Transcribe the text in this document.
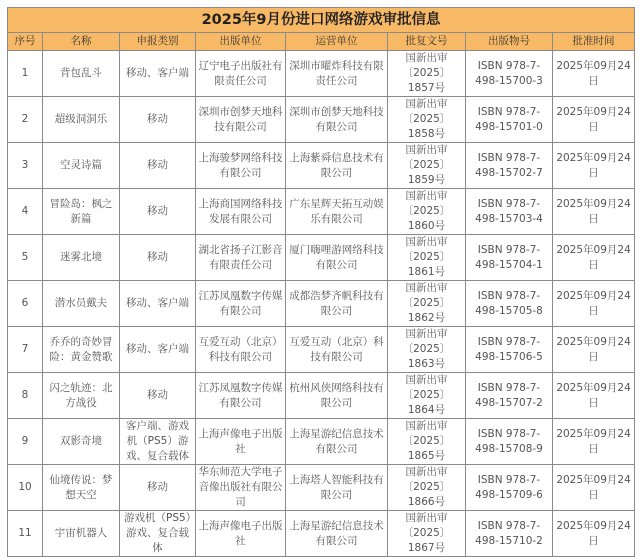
2025年9月份进口网络游戏审批信息							
序号	名称	申报类别	出版单位	运营单位	批复文号	出版物号	批准时间
1	背包乱斗	移动、客户端	辽宁电子出版社有限责任公司	深圳市曜炸科技有限责任公司	国新出审〔2025〕1857号	ISBN 978-7-498-15700-3	2025年09月24日
2	超级洞洞乐	移动	深圳市创梦天地科技有限公司	深圳市创梦天地科技有限公司	国新出审〔2025〕1858号	ISBN 978-7-498-15701-0	2025年09月24日
3	空灵诗篇	移动	上海骏梦网络科技有限公司	上海紫舜信息技术有限公司	国新出审〔2025〕1859号	ISBN 978-7-498-15702-7	2025年09月24日
4	冒险岛：枫之新篇	移动	上海商国网络科技发展有限公司	广东星辉天拓互动娱乐有限公司	国新出审〔2025〕1860号	ISBN 978-7-498-15703-4	2025年09月24日
5	迷雾北境	移动	湖北省扬子江影音有限责任公司	厦门嗨哩游网络科技有限公司	国新出审〔2025〕1861号	ISBN 978-7-498-15704-1	2025年09月24日
6	潜水员戴夫	移动、客户端	江苏凤凰数字传媒有限公司	成都浩梦齐帆科技有限公司	国新出审〔2025〕1862号	ISBN 978-7-498-15705-8	2025年09月24日
7	乔乔的奇妙冒险：黄金赞歌	移动、客户端	互爱互动（北京）科技有限公司	互爱互动（北京）科技有限公司	国新出审〔2025〕1863号	ISBN 978-7-498-15706-5	2025年09月24日
8	闪之轨迹：北方战役	移动	江苏凤凰数字传媒有限公司	杭州风侠网络科技有限公司	国新出审〔2025〕1864号	ISBN 978-7-498-15707-2	2025年09月24日
9	双影奇境	客户端、游戏机（PS5）游戏、复合载体	上海声像电子出版社	上海星游纪信息技术有限公司	国新出审〔2025〕1865号	ISBN 978-7-498-15708-9	2025年09月24日
10	仙境传说：梦想天空	移动	华东师范大学电子音像出版社有限公司	上海塔人智能科技有限公司	国新出审〔2025〕1866号	ISBN 978-7-498-15709-6	2025年09月24日
11	宇宙机器人	游戏机（PS5）游戏、复合载体	上海声像电子出版社	上海星游纪信息技术有限公司	国新出审〔2025〕1867号	ISBN 978-7-498-15710-2	2025年09月24日
